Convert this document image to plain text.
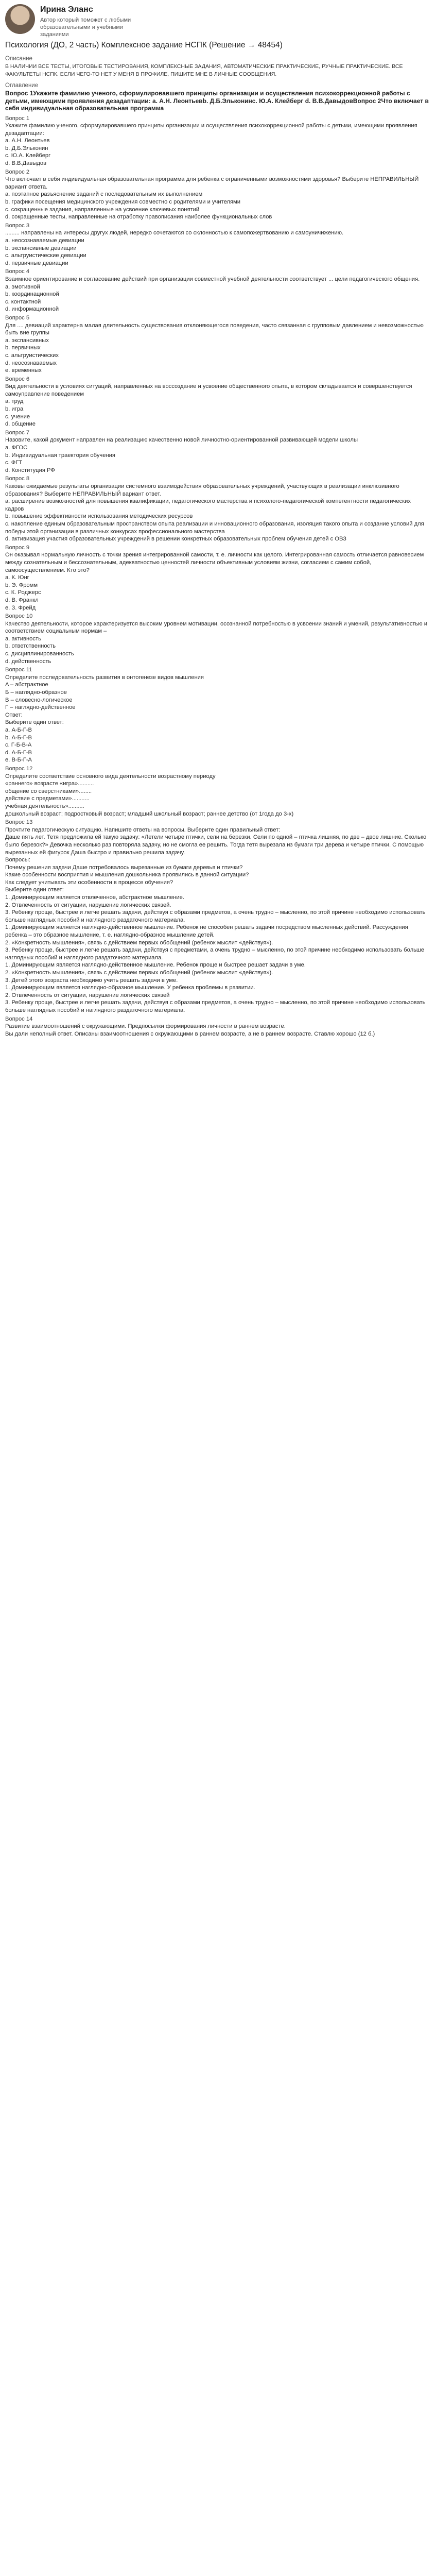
Ирина Эланс
Автор который поможет с любыми образовательными и учебными заданиями
Психология (ДО, 2 часть) Комплексное задание НСПК (Решение → 48454)
Описание
В НАЛИЧИИ ВСЕ ТЕСТЫ, ИТОГОВЫЕ ТЕСТИРОВАНИЯ, КОМПЛЕКСНЫЕ ЗАДАНИЯ, АВТОМАТИЧЕСКИЕ ПРАКТИЧЕСКИЕ, РУЧНЫЕ ПРАКТИЧЕСКИЕ. ВСЕ ФАКУЛЬТЕТЫ НСПК. ЕСЛИ ЧЕГО-ТО НЕТ У МЕНЯ В ПРОФИЛЕ, ПИШИТЕ МНЕ В ЛИЧНЫЕ СООБЩЕНИЯ.
Оглавление
Вопрос 1Укажите фамилию ученого, сформулировавшего принципы организации и осуществления психокоррекционной работы с детьми, имеющими проявления дезадаптации: а. А.Н. Леонтьевb. Д.Б.Эльконинc. Ю.А. Клейберг d. В.В.ДавыдовВопрос 2Что включает в себя индивидуальная образовательная программа
Вопрос 1
Укажите фамилию ученого, сформулировавшего принципы организации и осуществления психокоррекционной работы с детьми, имеющими проявления дезадаптации:
a. А.Н. Леонтьев
b. Д.Б.Эльконин
c. Ю.А. Клейберг
d. В.В.Давыдов
Вопрос 2
Что включает в себя индивидуальная образовательная программа для ребенка с ограниченными возможностями здоровья? Выберите НЕПРАВИЛЬНЫЙ вариант ответа.
a. поэтапное разъяснение заданий с последовательным их выполнением
b. графики посещения медицинского учреждения совместно с родителями и учителями
c. сокращенные задания, направленные на усвоение ключевых понятий
d. сокращенные тесты, направленные на отработку правописания наиболее функциональных слов
Вопрос 3
......... направлены на интересы другух людей, нередко сочетаются со склонностью к самопожертвованию и самоуничижению.
a. неосознаваемые девиации
b. экспансивные девиации
c. альтруистические девиации
d. первичные девиации
Вопрос 4
Взаимное ориентирование и согласование действий при организации совместной учебной деятельности соответствует ... цели педагогического общения.
a. эмотивной
b. координационной
c. контактной
d. информационной
Вопрос 5
Для .... девиаций характерна малая длительность существования отклоняющегося поведения, часто связанная с групповым давлением и невозможностью быть вне группы
a. экспансивных
b. первичных
c. альтруистических
d. неосознаваемых
e. временных
Вопрос 6
Вид деятельности в условиях ситуаций, направленных на воссоздание и усвоение общественного опыта, в котором складывается и совершенствуется самоуправление поведением
a. труд
b. игра
c. учение
d. общение
Вопрос 7
Назовите, какой документ направлен на реализацию качественно новой личностно-ориентированной развивающей модели школы
a. ФГОС
b. Индивидуальная траектория обучения
c. ФГТ
d. Конституция РФ
Вопрос 8
Каковы ожидаемые результаты организации системного взаимодействия образовательных учреждений, участвующих в реализации инклюзивного образования? Выберите НЕПРАВИЛЬНЫЙ вариант ответ.
a. расширение возможностей для повышения квалификации, педагогического мастерства и психолого-педагогической компетентности педагогических кадров
b. повышение эффективности использования методических ресурсов
c. накопление единым образовательным пространством опыта реализации и инновационного образования, изоляция такого опыта и создание условий для победы этой организации в различных конкурсах профессионального мастерства
d. активизация участия образовательных учреждений в решении конкретных образовательных проблем обучения детей с ОВЗ
Вопрос 9
Он оказывал нормальную личность с точки зрения интегрированной самости, т. е. личности как целого. Интегрированная самость отличается равновесием между сознательным и бессознательным, адекватностью ценностей личности объективным условиям жизни, согласием с самим собой, самоосуществлением. Кто это?
a. К. Юнг
b. Э. Фромм
c. К. Роджерс
d. В. Франкл
e. З. Фрейд
Вопрос 10
Качество деятельности, которое характеризуется высоким уровнем мотивации, осознанной потребностью в усвоении знаний и умений, результативностью и соответствием социальным нормам –
a. активность
b. ответственность
c. дисциплинированность
d. действенность
Вопрос 11
Определите последовательность развития в онтогенезе видов мышления
A – абстрактное
Б – наглядно-образное
В – словесно-логическое
Г – наглядно-действенное
Ответ:
Выберите один ответ:
a. А-Б-Г-В
b. А-Б-Г-В
c. Г-Б-В-А
d. А-Б-Г-В
e. В-Б-Г-А
Вопрос 12
Определите соответствие основного вида деятельности возрастному периоду
«раннего» возрасте «игра»..........
общение со сверстниками»........
действие с предметами»...........
учебная деятельность»..........
дошкольный возраст; подростковый возраст; младший школьный возраст; раннее детство (от 1года до 3-х)
Вопрос 13
Прочтите педагогическую ситуацию. Напишите ответы на вопросы. Выберите один правильный ответ:
Даше пять лет. Тетя предложила ей такую задачу: «Летели четыре птички, сели на березки. Сели по одной – птичка лишняя, по две – двое лишние. Сколько было березок?» Девочка несколько раз повторяла задачу, но не смогла ее решить. Тогда тетя вырезала из бумаги три дерева и четыре птички. С помощью вырезанных ей фигурок Даша быстро и правильно решила задачу.
Вопросы:
Почему решения задачи Даше потребовалось вырезанные из бумаги деревья и птички?
Какие особенности восприятия и мышления дошкольника проявились в данной ситуации?
Как следует учитывать эти особенности в процессе обучения?
Выберите один ответ:
1. Доминирующим является отвлеченное, абстрактное мышление.
2. Отвлеченность от ситуации, нарушение логических связей.
3. Ребенку проще, быстрее и легче решать задачи, действуя с образами предметов, а очень трудно – мысленно, по этой причине необходимо использовать больше наглядных пособий и наглядного раздаточного материала.
1. Доминирующим является наглядно-действенное мышление. Ребенок не способен решать задачи посредством мысленных действий. Рассуждения ребенка – это образное мышление, т. е. наглядно-образное мышление детей.
2. «Конкретность мышления», связь с действием первых обобщений (ребенок мыслит «действуя»).
3. Ребенку проще, быстрее и легче решать задачи, действуя с предметами, а очень трудно – мысленно, по этой причине необходимо использовать больше наглядных пособий и наглядного раздаточного материала.
1. Доминирующим является наглядно-действенное мышление. Ребенок проще и быстрее решает задачи в уме.
2. «Конкретность мышления», связь с действием первых обобщений (ребенок мыслит «действуя»).
3. Детей этого возраста необходимо учить решать задачи в уме.
1. Доминирующим является наглядно-образное мышление. У ребенка проблемы в развитии.
2. Отвлеченность от ситуации, нарушение логических связей
3. Ребенку проще, быстрее и легче решать задачи, действуя с образами предметов, а очень трудно – мысленно, по этой причине необходимо использовать больше наглядных пособий и наглядного раздаточного материала.
Вопрос 14
Развитие взаимоотношений с окружающими. Предпосылки формирования личности в раннем возрасте.
Вы дали неполный ответ. Описаны взаимоотношения с окружающими в раннем возрасте, а не в раннем возрасте. Ставлю хорошо (12 б.)
